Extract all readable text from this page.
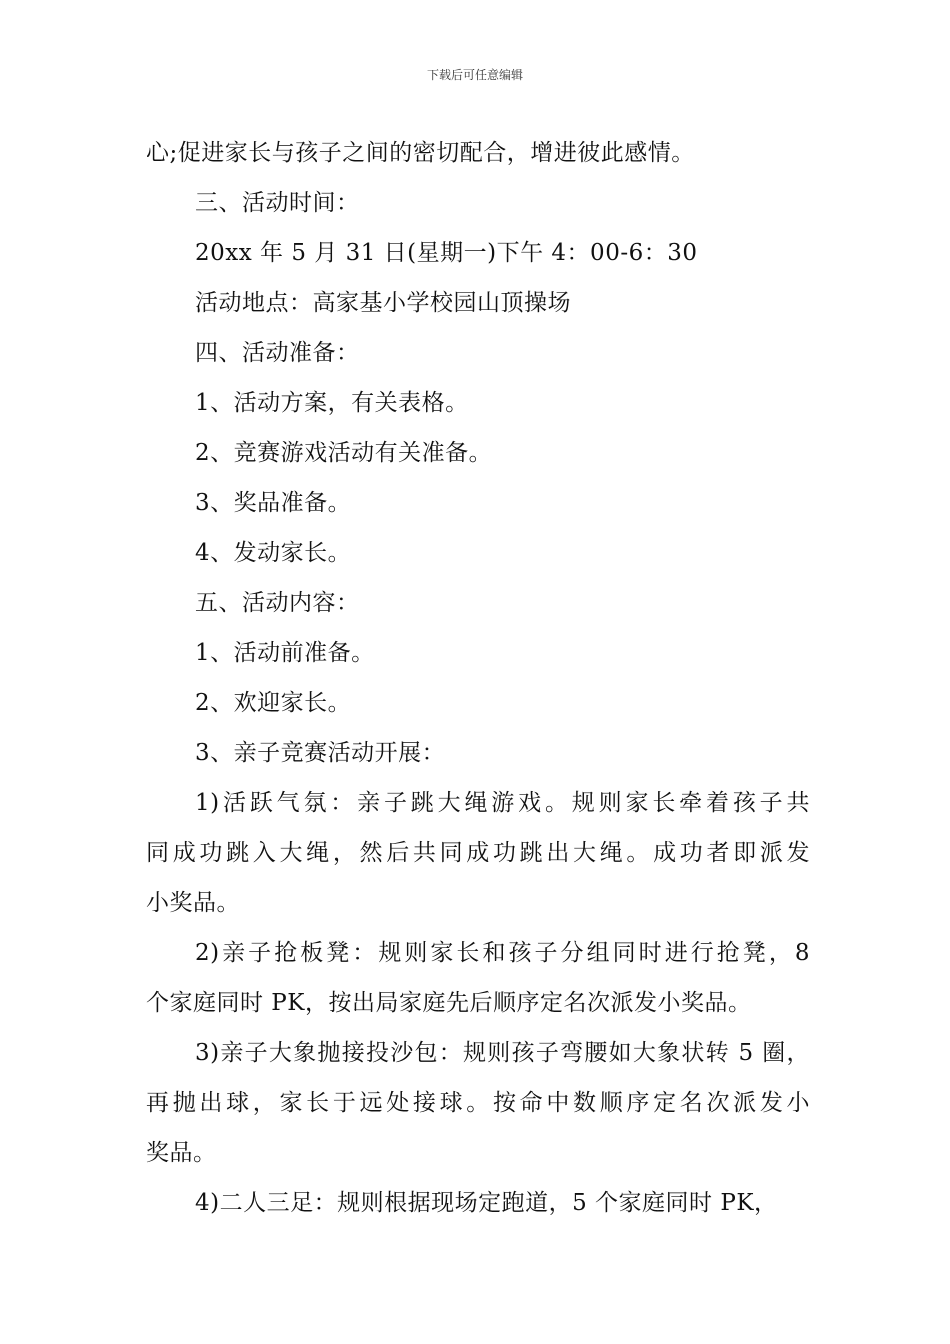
下载后可任意编辑
心;促进家长与孩子之间的密切配合，增进彼此感情。
三、活动时间：
20xx 年 5 月 31 日(星期一)下午 4：00-6：30
活动地点：高家基小学校园山顶操场
四、活动准备：
1、活动方案，有关表格。
2、竞赛游戏活动有关准备。
3、奖品准备。
4、发动家长。
五、活动内容：
1、活动前准备。
2、欢迎家长。
3、亲子竞赛活动开展：
1)活跃气氛：亲子跳大绳游戏。规则家长牵着孩子共
同成功跳入大绳，然后共同成功跳出大绳。成功者即派发
小奖品。
2)亲子抢板凳：规则家长和孩子分组同时进行抢凳，8
个家庭同时 PK，按出局家庭先后顺序定名次派发小奖品。
3)亲子大象抛接投沙包：规则孩子弯腰如大象状转 5 圈，
再抛出球，家长于远处接球。按命中数顺序定名次派发小
奖品。
4)二人三足：规则根据现场定跑道，5 个家庭同时 PK，
